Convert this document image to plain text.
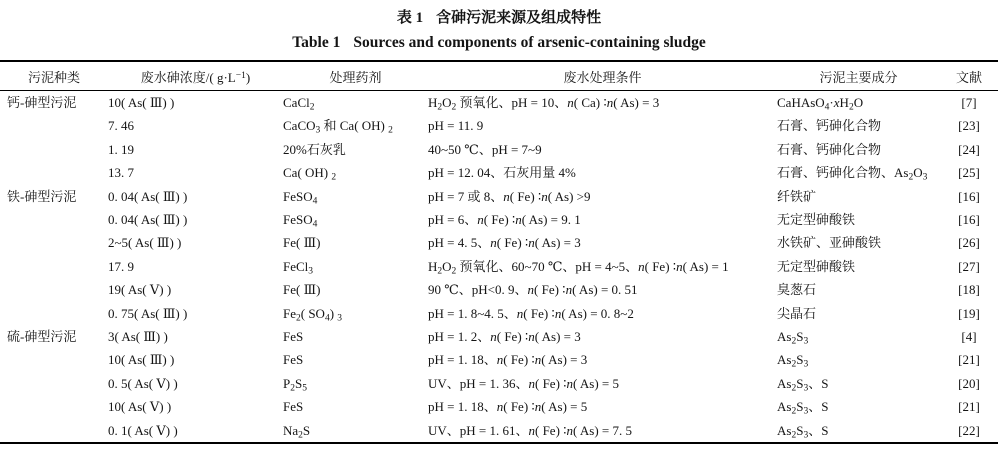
表 1 含砷污泥来源及组成特性
Table 1 Sources and components of arsenic-containing sludge
污泥种类	废水砷浓度/( $g\cdot L^{-1}$)	处理药剂	废水处理条件	污泥主要成分	文献
钙-砷型污泥	10( As( Ⅲ) )	CaCl$_2$	$H_2O_2$ 预氧化、pH = 10、n( Ca) ∶n( As) = 3	$CaHAsO_4\cdot xH_2O$	[7]
	7. 46	CaCO$_3$ 和 Ca( OH) $_2$	pH = 11. 9	石膏、钙砷化合物	[23]
	1. 19	20%石灰乳	40~50 ℃、pH = 7~9	石膏、钙砷化合物	[24]
	13. 7	Ca( OH) $_2$	pH = 12. 04、石灰用量 4%	石膏、钙砷化合物、$As_2O_3$	[25]
铁-砷型污泥	0. 04( As( Ⅲ) )	FeSO$_4$	pH = 7 或 8、n( Fe) ∶n( As) >9	纤铁矿	[16]
	0. 04( As( Ⅲ) )	FeSO$_4$	pH = 6、n( Fe) ∶n( As) = 9. 1	无定型砷酸铁	[16]
	2~5( As( Ⅲ) )	Fe( Ⅲ)	pH = 4. 5、n( Fe) ∶n( As) = 3	水铁矿、亚砷酸铁	[26]
	17. 9	FeCl$_3$	$H_2O_2$ 预氧化、60~70 ℃、pH = 4~5、n( Fe) ∶n( As) = 1	无定型砷酸铁	[27]
	19( As( Ⅴ) )	Fe( Ⅲ)	90 ℃、pH<0. 9、n( Fe) ∶n( As) = 0. 51	臭葱石	[18]
	0. 75( As( Ⅲ) )	$Fe_2$( $SO_4$) $_3$	pH = 1. 8~4. 5、n( Fe) ∶n( As) = 0. 8~2	尖晶石	[19]
硫-砷型污泥	3( As( Ⅲ) )	FeS	pH = 1. 2、n( Fe) ∶n( As) = 3	$As_2S_3$	[4]
	10( As( Ⅲ) )	FeS	pH = 1. 18、n( Fe) ∶n( As) = 3	$As_2S_3$	[21]
	0. 5( As( Ⅴ) )	$P_2S_5$	UV、pH = 1. 36、n( Fe) ∶n( As) = 5	$As_2S_3$、S	[20]
	10( As( Ⅴ) )	FeS	pH = 1. 18、n( Fe) ∶n( As) = 5	$As_2S_3$、S	[21]
	0. 1( As( Ⅴ) )	$Na_2S$	UV、pH = 1. 61、n( Fe) ∶n( As) = 7. 5	$As_2S_3$、S	[22]
